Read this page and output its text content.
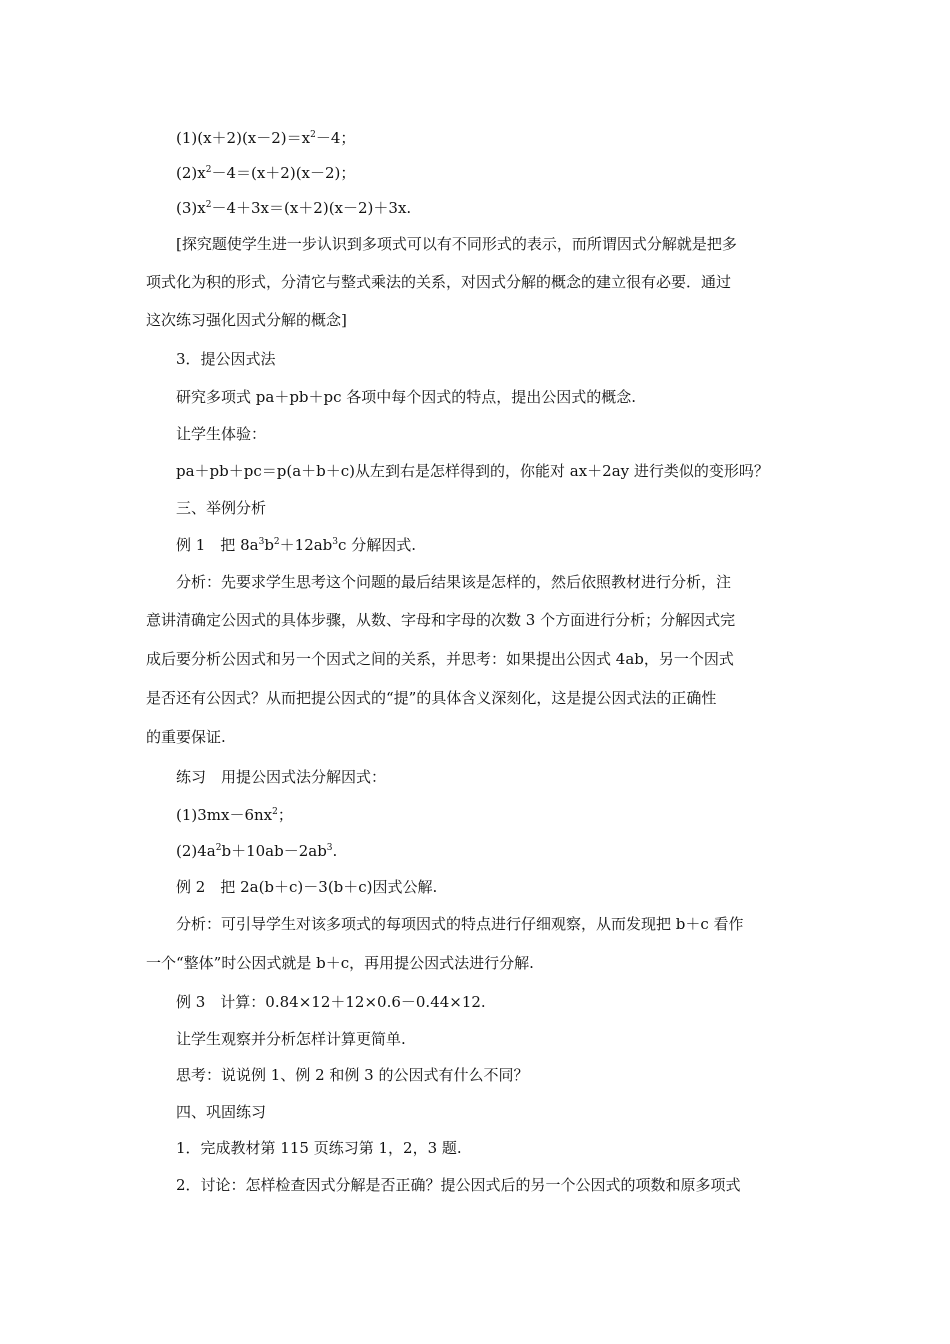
$(1)(x+2)(x-2)=x^2-4$；
$(2)x^2-4=(x+2)(x-2)$；
$(3)x^2-4+3x=(x+2)(x-2)+3x$.
[探究题使学生进一步认识到多项式可以有不同形式的表示，而所谓因式分解就是把多
项式化为积的形式，分清它与整式乘法的关系，对因式分解的概念的建立很有必要．通过
这次练习强化因式分解的概念]
3．提公因式法
研究多项式 pa＋pb＋pc 各项中每个因式的特点，提出公因式的概念.
让学生体验：
pa＋pb＋pc＝p(a＋b＋c)从左到右是怎样得到的，你能对 ax＋2ay 进行类似的变形吗？
三、举例分析
例 1　把 $8a^3b^2+12ab^3c$ 分解因式.
分析：先要求学生思考这个问题的最后结果该是怎样的，然后依照教材进行分析，注
意讲清确定公因式的具体步骤，从数、字母和字母的次数 3 个方面进行分析；分解因式完
成后要分析公因式和另一个因式之间的关系，并思考：如果提出公因式 4ab，另一个因式
是否还有公因式？从而把提公因式的“提”的具体含义深刻化，这是提公因式法的正确性
的重要保证.
练习　用提公因式法分解因式：
$(1)3mx-6nx^2$；
$(2)4a^2b+10ab-2ab^3$.
例 2　把 2a(b＋c)－3(b＋c)因式公解.
分析：可引导学生对该多项式的每项因式的特点进行仔细观察，从而发现把 b＋c 看作
一个“整体”时公因式就是 b＋c，再用提公因式法进行分解.
例 3　计算：0.84×12＋12×0.6－0.44×12.
让学生观察并分析怎样计算更简单.
思考：说说例 1、例 2 和例 3 的公因式有什么不同？
四、巩固练习
1．完成教材第 115 页练习第 1，2，3 题.
2．讨论：怎样检查因式分解是否正确？提公因式后的另一个公因式的项数和原多项式
